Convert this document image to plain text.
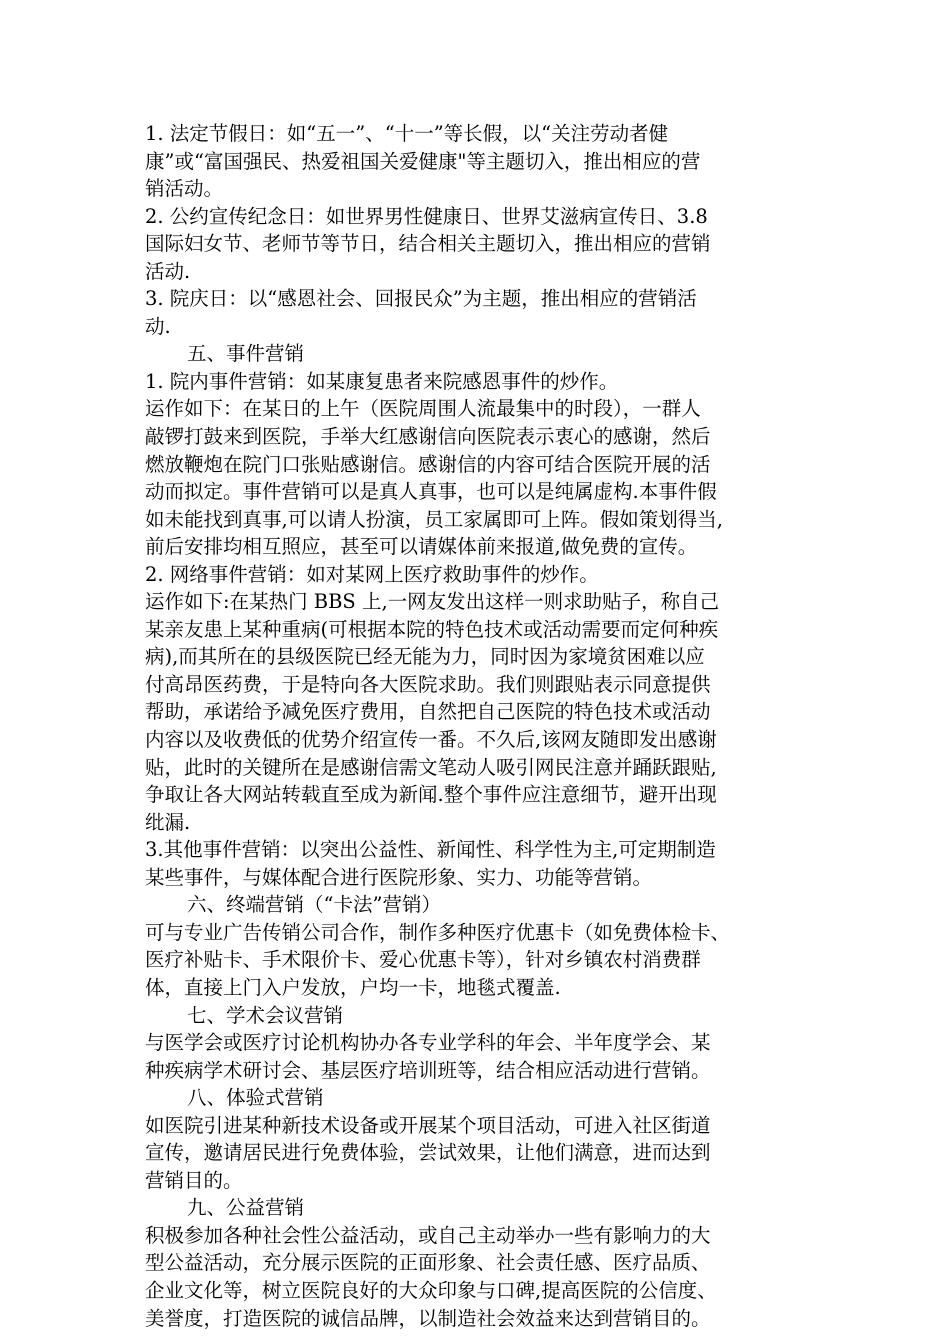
1. 法定节假日：如“五一”、“十一”等长假，以“关注劳动者健
康”或“富国强民、热爱祖国关爱健康"等主题切入，推出相应的营
销活动。
2. 公约宣传纪念日：如世界男性健康日、世界艾滋病宣传日、3.8
国际妇女节、老师节等节日，结合相关主题切入，推出相应的营销
活动.
3. 院庆日：以“感恩社会、回报民众”为主题，推出相应的营销活
动.
五、事件营销
1. 院内事件营销：如某康复患者来院感恩事件的炒作。
运作如下：在某日的上午（医院周围人流最集中的时段），一群人
敲锣打鼓来到医院，手举大红感谢信向医院表示衷心的感谢，然后
燃放鞭炮在院门口张贴感谢信。感谢信的内容可结合医院开展的活
动而拟定。事件营销可以是真人真事，也可以是纯属虚构.本事件假
如未能找到真事,可以请人扮演，员工家属即可上阵。假如策划得当,
前后安排均相互照应，甚至可以请媒体前来报道,做免费的宣传。
2. 网络事件营销：如对某网上医疗救助事件的炒作。
运作如下:在某热门 BBS 上,一网友发出这样一则求助贴子，称自己
某亲友患上某种重病(可根据本院的特色技术或活动需要而定何种疾
病),而其所在的县级医院已经无能为力，同时因为家境贫困难以应
付高昂医药费，于是特向各大医院求助。我们则跟贴表示同意提供
帮助，承诺给予减免医疗费用，自然把自己医院的特色技术或活动
内容以及收费低的优势介绍宣传一番。不久后,该网友随即发出感谢
贴，此时的关键所在是感谢信需文笔动人吸引网民注意并踊跃跟贴,
争取让各大网站转载直至成为新闻.整个事件应注意细节，避开出现
纰漏.
3.其他事件营销：以突出公益性、新闻性、科学性为主,可定期制造
某些事件，与媒体配合进行医院形象、实力、功能等营销。
六、终端营销（“卡法”营销）
可与专业广告传销公司合作，制作多种医疗优惠卡（如免费体检卡、
医疗补贴卡、手术限价卡、爱心优惠卡等），针对乡镇农村消费群
体，直接上门入户发放，户均一卡，地毯式覆盖.
七、学术会议营销
与医学会或医疗讨论机构协办各专业学科的年会、半年度学会、某
种疾病学术研讨会、基层医疗培训班等，结合相应活动进行营销。
八、体验式营销
如医院引进某种新技术设备或开展某个项目活动，可进入社区街道
宣传，邀请居民进行免费体验，尝试效果，让他们满意，进而达到
营销目的。
九、公益营销
积极参加各种社会性公益活动，或自己主动举办一些有影响力的大
型公益活动，充分展示医院的正面形象、社会责任感、医疗品质、
企业文化等，树立医院良好的大众印象与口碑,提高医院的公信度、
美誉度，打造医院的诚信品牌，以制造社会效益来达到营销目的。
